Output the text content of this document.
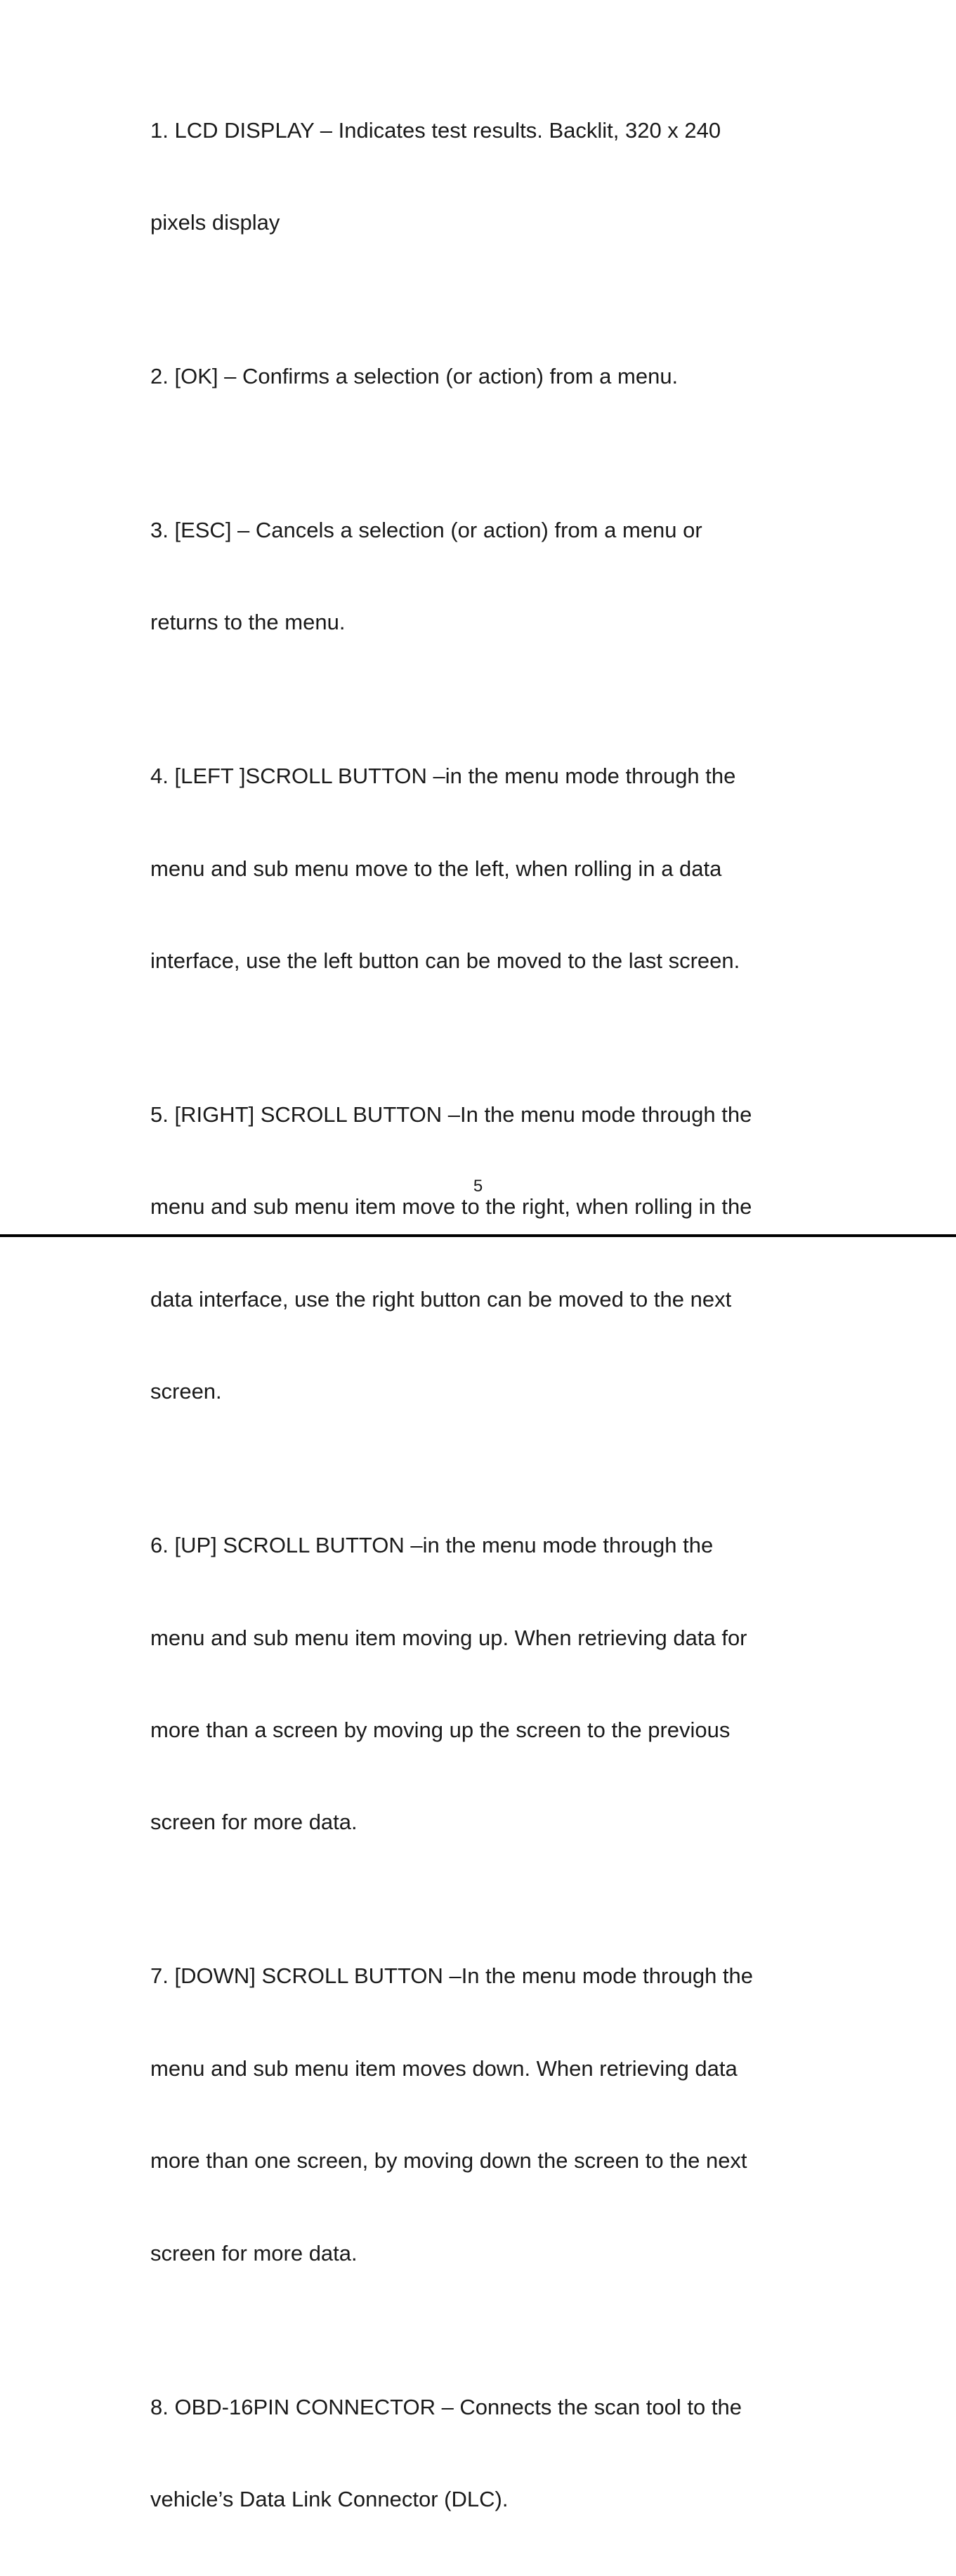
1. LCD DISPLAY – Indicates test results. Backlit, 320 x 240

pixels display

2. [OK] – Confirms a selection (or action) from a menu.

3. [ESC] – Cancels a selection (or action) from a menu or

returns to the menu.

4. [LEFT ]SCROLL BUTTON –in the menu mode through the

menu and sub menu move to the left, when rolling in a data

interface, use the left button can be moved to the last screen.

5. [RIGHT] SCROLL BUTTON –In the menu mode through the

menu and sub menu item move to the right, when rolling in the

data interface, use the right button can be moved to the next

screen.

6. [UP] SCROLL BUTTON –in the menu mode through the

menu and sub menu item moving up. When retrieving data for

more than a screen by moving up the screen to the previous

screen for more data.

7. [DOWN] SCROLL BUTTON –In the menu mode through the

menu and sub menu item moves down. When retrieving data

more than one screen, by moving down the screen to the next

screen for more data.

8. OBD-16PIN CONNECTOR – Connects the scan tool to the

vehicle’s Data Link Connector (DLC).

5
